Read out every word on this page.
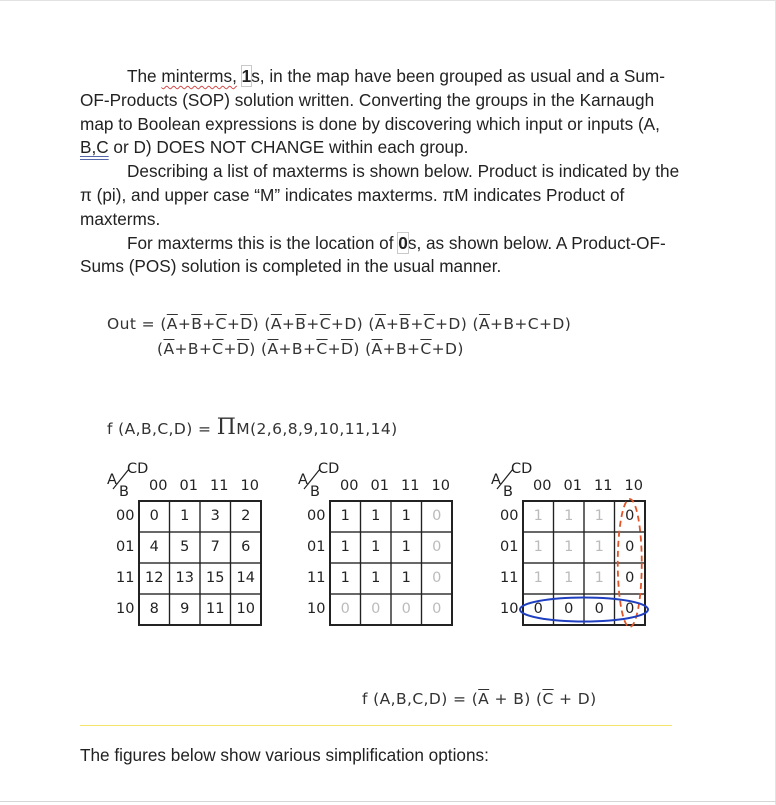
The minterms, 1s, in the map have been grouped as usual and a Sum-OF-Products (SOP) solution written. Converting the groups in the Karnaugh map to Boolean expressions is done by discovering which input or inputs (A, B,C or D) DOES NOT CHANGE within each group.

Describing a list of maxterms is shown below. Product is indicated by the π (pi), and upper case “M” indicates maxterms. πM indicates Product of maxterms.

For maxterms this is the location of 0s, as shown below. A Product-OF-Sums (POS) solution is completed in the usual manner.

Out = $(\overline{A}+\overline{B}+\overline{C}+\overline{D})$ $(\overline{A}+\overline{B}+\overline{C}+D)$ $(\overline{A}+\overline{B}+\overline{C}+D)$ $(\overline{A}+B+C+D)$
$(\overline{A}+B+\overline{C}+\overline{D})$ $(\overline{A}+B+\overline{C}+\overline{D})$ $(\overline{A}+B+\overline{C}+D)$
f (A,B,C,D) = ΠM(2,6,8,9,10,11,14)
CD
A
B 00 01 11 10
00
01
11
10
0	1	3	2
4	5	7	6
12 13 15 14
8	9	11 10
CD
A
B 00 01 11 10
00
01
11
10
1	1	1	0
1	1	1	0
1	1	1	0
0	0	0	0
CD
A
B 00 01 11 10
00
01
11
10
1	1	1	0
1	1	1	0
1	1	1	0
0	0	0	0
f $(A,B,C,D) = (\overline{A} + B) (\overline{C} + D)$
The figures below show various simplification options:
